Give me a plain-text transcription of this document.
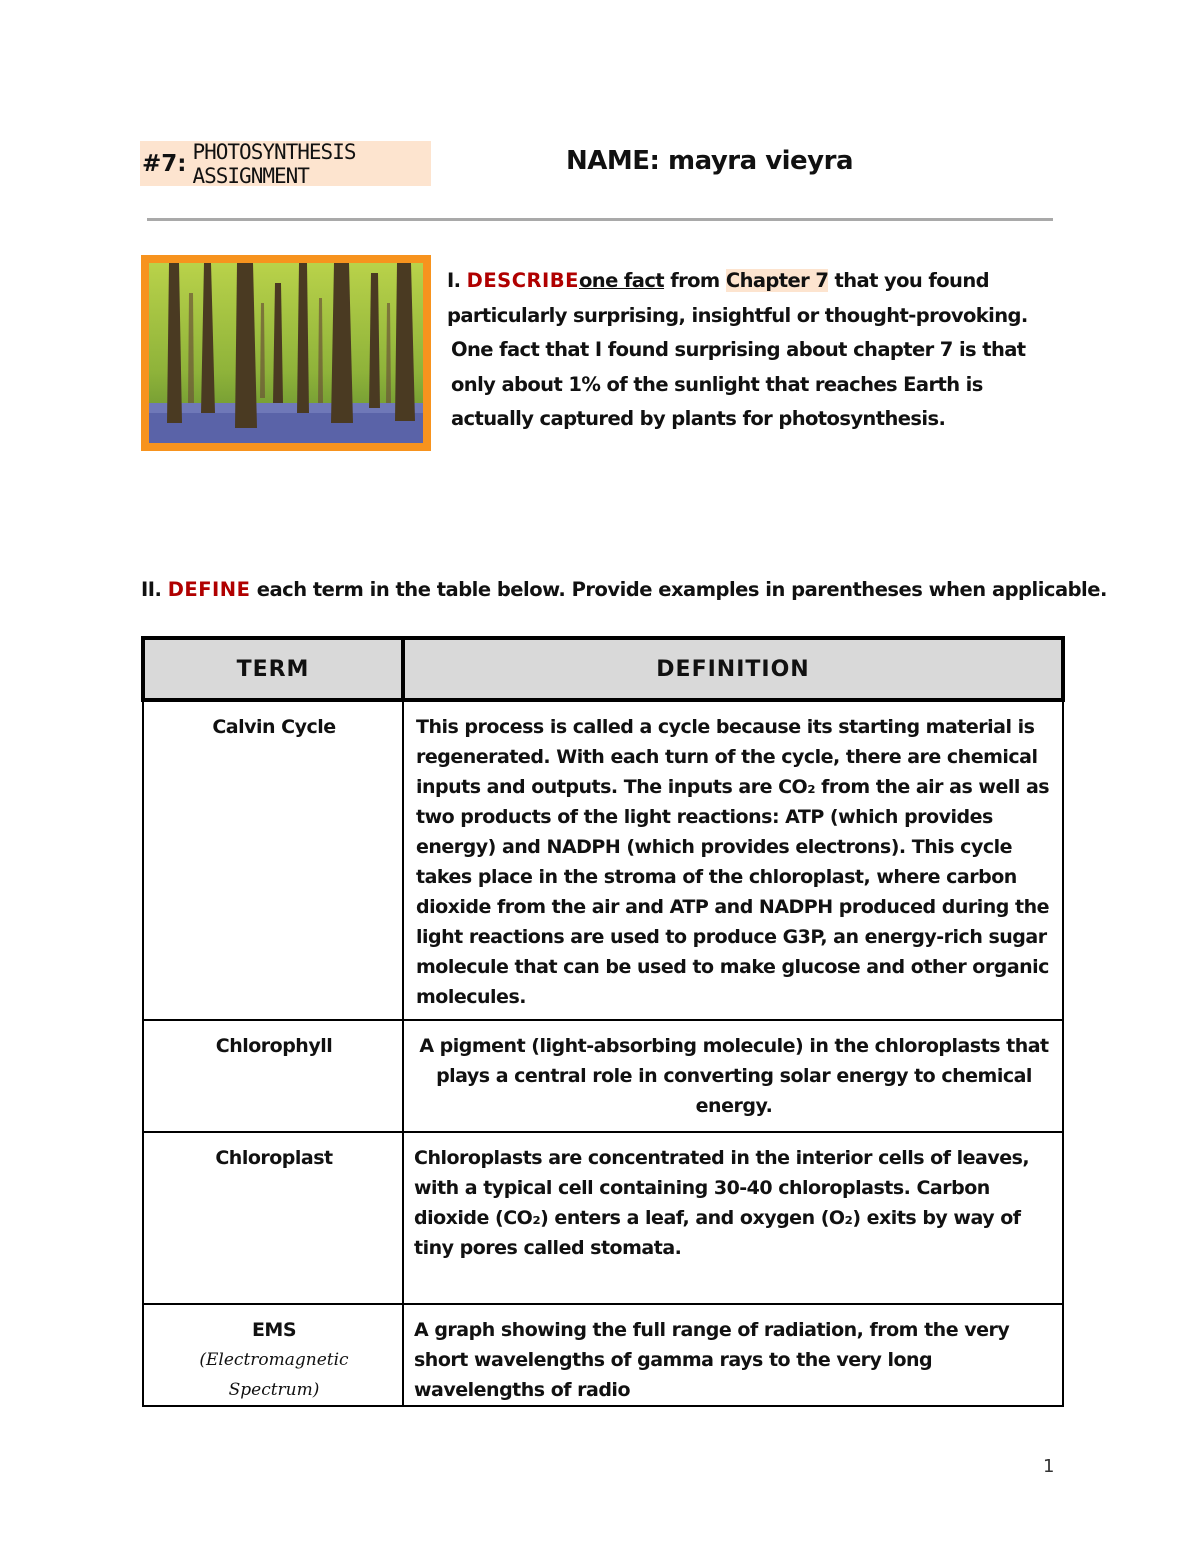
#7: PHOTOSYNTHESIS ASSIGNMENT	NAME: mayra vieyra
I. DESCRIBEone fact from Chapter 7 that you found particularly surprising, insightful or thought-provoking.
One fact that I found surprising about chapter 7 is that only about 1% of the sunlight that reaches Earth is actually captured by plants for photosynthesis.
II. DEFINE each term in the table below. Provide examples in parentheses when applicable.
TERM	DEFINITION
Calvin Cycle	This process is called a cycle because its starting material is regenerated. With each turn of the cycle, there are chemical inputs and outputs. The inputs are CO₂ from the air as well as two products of the light reactions: ATP (which provides energy) and NADPH (which provides electrons). This cycle takes place in the stroma of the chloroplast, where carbon dioxide from the air and ATP and NADPH produced during the light reactions are used to produce G3P, an energy-rich sugar molecule that can be used to make glucose and other organic molecules.
Chlorophyll	A pigment (light-absorbing molecule) in the chloroplasts that plays a central role in converting solar energy to chemical energy.
Chloroplast	Chloroplasts are concentrated in the interior cells of leaves, with a typical cell containing 30-40 chloroplasts. Carbon dioxide (CO₂) enters a leaf, and oxygen (O₂) exits by way of tiny pores called stomata.

EMS
(Electromagnetic Spectrum)	A graph showing the full range of radiation, from the very short wavelengths of gamma rays to the very long wavelengths of radio
1
